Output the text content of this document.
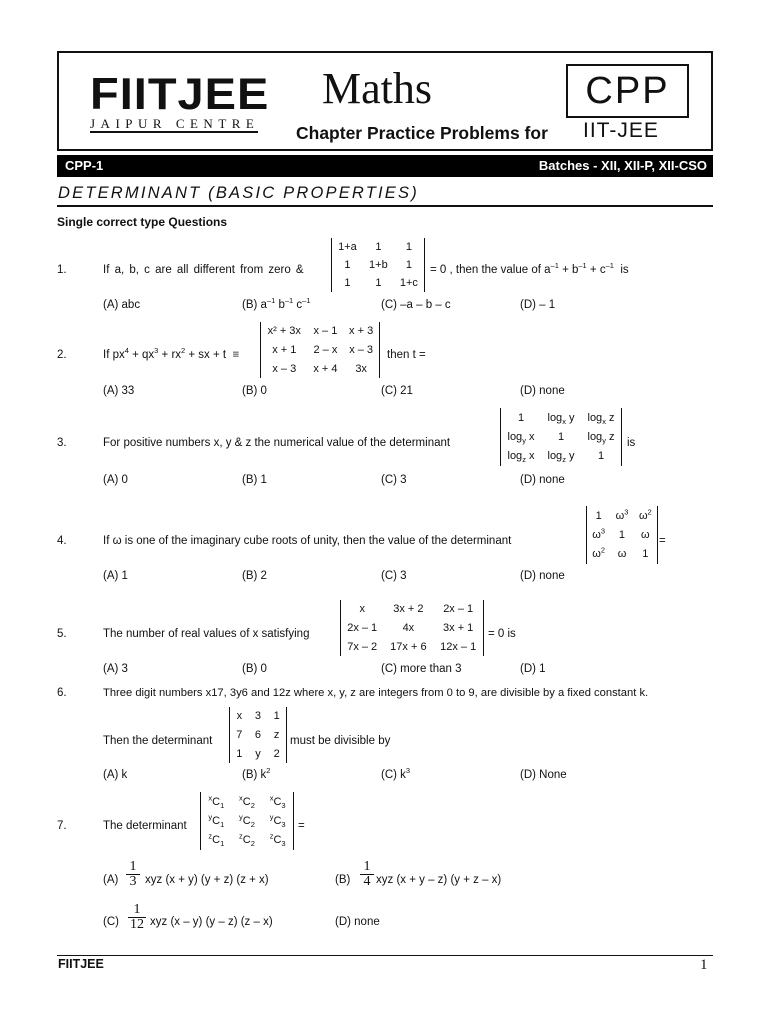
FIITJEE
JAIPUR CENTRE
Maths	CPP
Chapter Practice Problems for IIT-JEE
CPP-1	Batches - XII, XII-P, XII-CSO
DETERMINANT (BASIC PROPERTIES)
Single correct type Questions
1.	If a, b, c are all different from zero &
1+a	1	1
1	1+b	1
1	1	1+c
= 0 , then the value of $a^{-1} + b^{-1} + c^{-1}$ is
(A) abc	(B) $a^{-1}$ $b^{-1}$ $c^{-1}$	(C) –a – b – c	(D) – 1
2.	If $px^4 + qx^3 + rx^2$ + sx + t  ≡
x² + 3x	x – 1	x + 3
x + 1	2 – x	x – 3
x – 3	x + 4	3x
then t =
(A) 33	(B) 0	(C) 21	(D) none
3.	For positive numbers x, y & z the numerical value of the determinant
1	$\log_x y$	$\log_x z$
$\log_y x$	1	$\log_y z$
$\log_z x$	$\log_z y$	1
is
(A) 0	(B) 1	(C) 3	(D) none
4.	If ω is one of the imaginary cube roots of unity, then the value of the determinant
1	$\omega^3$	$\omega^2$
$\omega^3$	1	ω
$\omega^2$	ω	1
=
(A) 1	(B) 2	(C) 3	(D) none
5.	The number of real values of x satisfying
x	3x + 2	2x – 1
2x – 1	4x	3x + 1
7x – 2	17x + 6	12x – 1
= 0 is
(A) 3	(B) 0	(C) more than 3	(D) 1
6.	Three digit numbers x17, 3y6 and 12z where x, y, z are integers from 0 to 9, are divisible by a fixed constant k.
Then the determinant
x	3	1
7	6	z
1	y	2
must be divisible by
(A) k	(B) $k^2$	(C) $k^3$	(D) None
7.	The determinant
$^xC_1$	$^xC_2$	$^xC_3$
$^yC_1$	$^yC_2$	$^yC_3$
$^zC_1$	$^zC_2$	$^zC_3$
=
$(A) \frac{1}{3}$ xyz (x + y) (y + z) (z + x)	$(B) \frac{1}{4}$ xyz (x + y – z) (y + z – x)
$(C) \frac{1}{12}$ xyz (x – y) (y – z) (z – x)	(D) none
FIITJEE	1
